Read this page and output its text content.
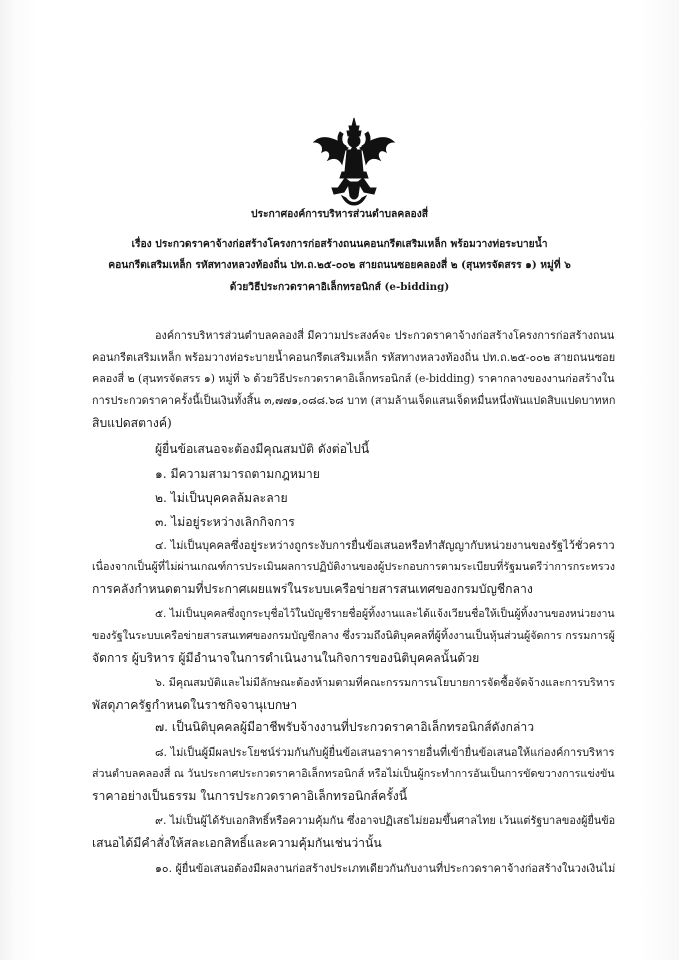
ประกาศองค์การบริหารส่วนตำบลคลองสี่
เรื่อง ประกวดราคาจ้างก่อสร้างโครงการก่อสร้างถนนคอนกรีตเสริมเหล็ก พร้อมวางท่อระบายน้ำ
คอนกรีตเสริมเหล็ก รหัสทางหลวงท้องถิ่น ปท.ถ.๒๕-๐๐๒ สายถนนซอยคลองสี่ ๒ (สุนทรจัดสรร ๑) หมู่ที่ ๖
ด้วยวิธีประกวดราคาอิเล็กทรอนิกส์ (e-bidding)
องค์การบริหารส่วนตำบลคลองสี่ มีความประสงค์จะ ประกวดราคาจ้างก่อสร้างโครงการก่อสร้างถนน
คอนกรีตเสริมเหล็ก พร้อมวางท่อระบายน้ำคอนกรีตเสริมเหล็ก รหัสทางหลวงท้องถิ่น ปท.ถ.๒๕-๐๐๒ สายถนนซอย
คลองสี่ ๒ (สุนทรจัดสรร ๑) หมู่ที่ ๖ ด้วยวิธีประกวดราคาอิเล็กทรอนิกส์ (e-bidding) ราคากลางของงานก่อสร้างใน
การประกวดราคาครั้งนี้เป็นเงินทั้งสิ้น ๓,๗๗๑,๐๘๘.๖๘ บาท (สามล้านเจ็ดแสนเจ็ดหมื่นหนึ่งพันแปดสิบแปดบาทหก
สิบแปดสตางค์)
ผู้ยื่นข้อเสนอจะต้องมีคุณสมบัติ ดังต่อไปนี้
๑. มีความสามารถตามกฎหมาย
๒. ไม่เป็นบุคคลล้มละลาย
๓. ไม่อยู่ระหว่างเลิกกิจการ
๔. ไม่เป็นบุคคลซึ่งอยู่ระหว่างถูกระงับการยื่นข้อเสนอหรือทำสัญญากับหน่วยงานของรัฐไว้ชั่วคราว
เนื่องจากเป็นผู้ที่ไม่ผ่านเกณฑ์การประเมินผลการปฏิบัติงานของผู้ประกอบการตามระเบียบที่รัฐมนตรีว่าการกระทรวง
การคลังกำหนดตามที่ประกาศเผยแพร่ในระบบเครือข่ายสารสนเทศของกรมบัญชีกลาง
๕. ไม่เป็นบุคคลซึ่งถูกระบุชื่อไว้ในบัญชีรายชื่อผู้ทิ้งงานและได้แจ้งเวียนชื่อให้เป็นผู้ทิ้งงานของหน่วยงาน
ของรัฐในระบบเครือข่ายสารสนเทศของกรมบัญชีกลาง ซึ่งรวมถึงนิติบุคคลที่ผู้ทิ้งงานเป็นหุ้นส่วนผู้จัดการ กรรมการผู้
จัดการ ผู้บริหาร ผู้มีอำนาจในการดำเนินงานในกิจการของนิติบุคคลนั้นด้วย
๖. มีคุณสมบัติและไม่มีลักษณะต้องห้ามตามที่คณะกรรมการนโยบายการจัดซื้อจัดจ้างและการบริหาร
พัสดุภาครัฐกำหนดในราชกิจจานุเบกษา
๗. เป็นนิติบุคคลผู้มีอาชีพรับจ้างงานที่ประกวดราคาอิเล็กทรอนิกส์ดังกล่าว
๘. ไม่เป็นผู้มีผลประโยชน์ร่วมกันกับผู้ยื่นข้อเสนอราคารายอื่นที่เข้ายื่นข้อเสนอให้แก่องค์การบริหาร
ส่วนตำบลคลองสี่ ณ วันประกาศประกวดราคาอิเล็กทรอนิกส์ หรือไม่เป็นผู้กระทำการอันเป็นการขัดขวางการแข่งขัน
ราคาอย่างเป็นธรรม ในการประกวดราคาอิเล็กทรอนิกส์ครั้งนี้
๙. ไม่เป็นผู้ได้รับเอกสิทธิ์หรือความคุ้มกัน ซึ่งอาจปฏิเสธไม่ยอมขึ้นศาลไทย เว้นแต่รัฐบาลของผู้ยื่นข้อ
เสนอได้มีคำสั่งให้สละเอกสิทธิ์และความคุ้มกันเช่นว่านั้น
๑๐. ผู้ยื่นข้อเสนอต้องมีผลงานก่อสร้างประเภทเดียวกันกับงานที่ประกวดราคาจ้างก่อสร้างในวงเงินไม่
